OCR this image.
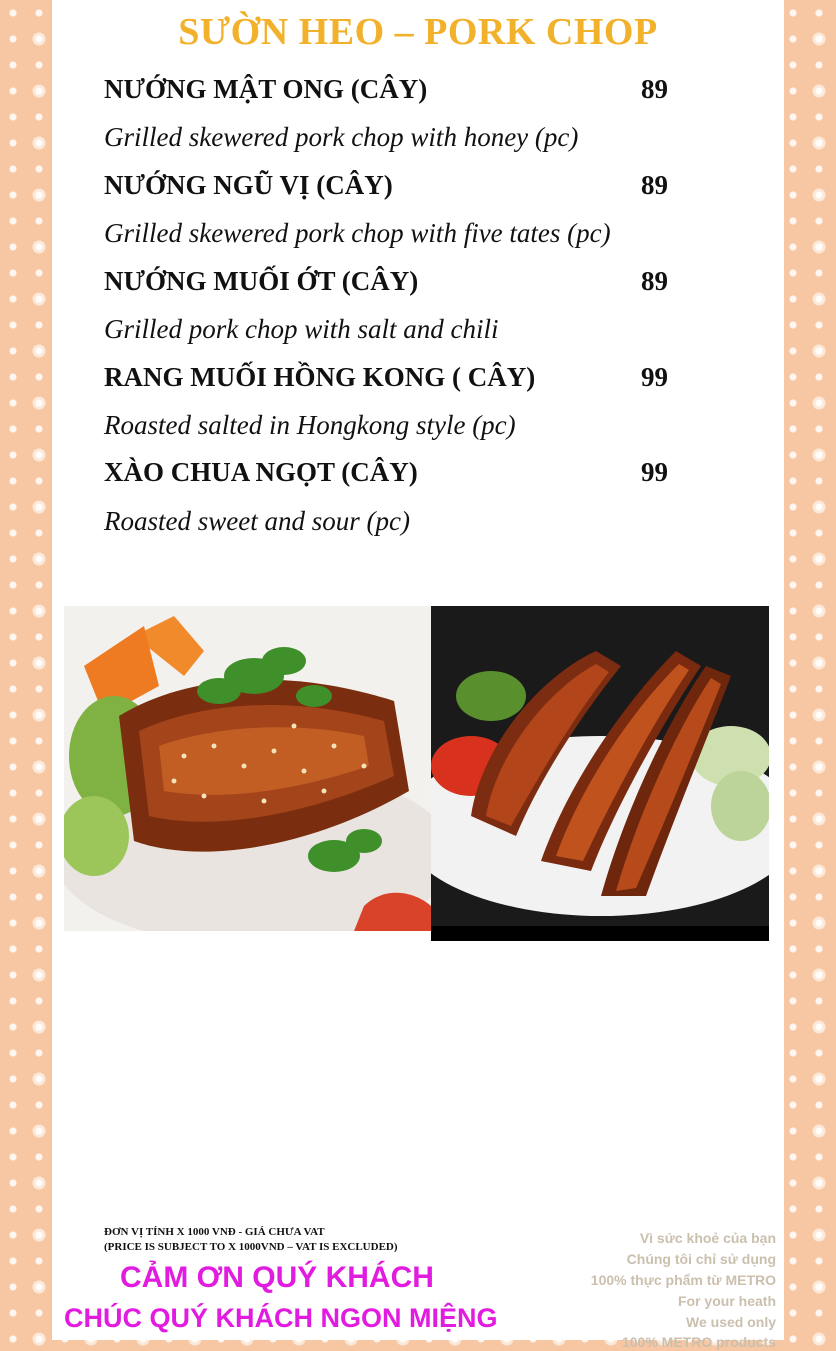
SƯỜN HEO – PORK CHOP
NƯỚNG MẬT ONG (CÂY)	89
Grilled skewered pork chop with honey (pc)
NƯỚNG NGŨ VỊ (CÂY)	89
Grilled skewered pork chop with five tates (pc)
NƯỚNG MUỐI ỚT (CÂY)	89
Grilled pork chop with salt and chili
RANG MUỐI HỒNG KONG ( CÂY)	99
Roasted salted in Hongkong style (pc)
XÀO CHUA NGỌT (CÂY)	99
Roasted sweet and sour (pc)
ĐƠN VỊ TÍNH X 1000 VNĐ - GIÁ CHƯA VAT
(PRICE IS SUBJECT TO X 1000VND – VAT IS EXCLUDED)
CẢM ƠN QUÝ KHÁCH
CHÚC QUÝ KHÁCH NGON MIỆNG
Vì sức khoẻ của bạn
Chúng tôi chỉ sử dụng
100% thực phẩm từ METRO
For your heath
We used only
100% METRO products
